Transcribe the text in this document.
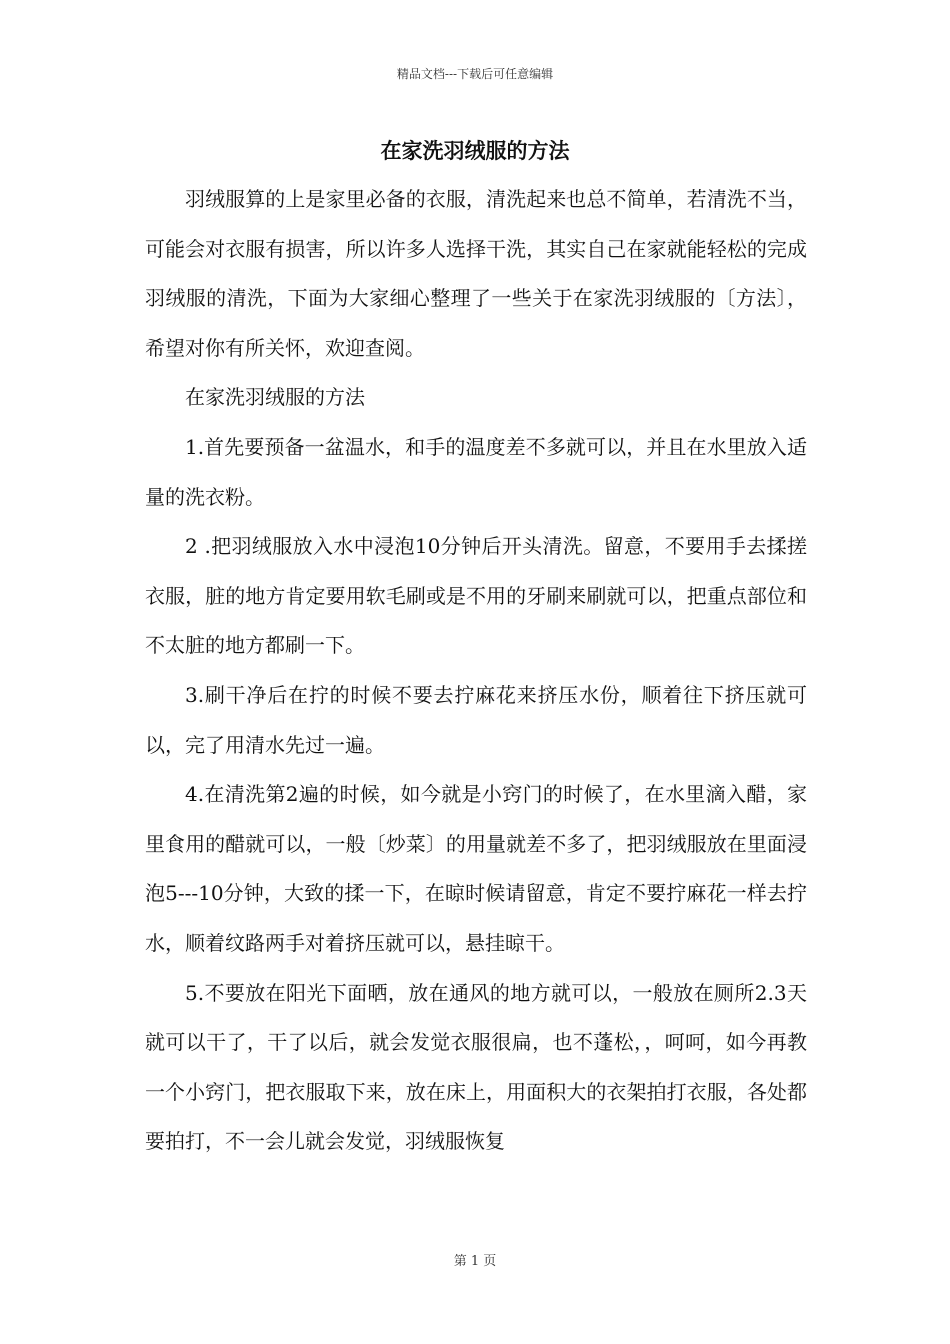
精品文档---下载后可任意编辑
在家洗羽绒服的方法

羽绒服算的上是家里必备的衣服，清洗起来也总不简单，若清洗不当，可能会对衣服有损害，所以许多人选择干洗，其实自己在家就能轻松的完成羽绒服的清洗，下面为大家细心整理了一些关于在家洗羽绒服的〔方法〕，希望对你有所关怀，欢迎查阅。

在家洗羽绒服的方法

1.首先要预备一盆温水，和手的温度差不多就可以，并且在水里放入适量的洗衣粉。

2 .把羽绒服放入水中浸泡10分钟后开头清洗。留意，不要用手去揉搓衣服，脏的地方肯定要用软毛刷或是不用的牙刷来刷就可以，把重点部位和不太脏的地方都刷一下。

3.刷干净后在拧的时候不要去拧麻花来挤压水份，顺着往下挤压就可以，完了用清水先过一遍。

4.在清洗第2遍的时候，如今就是小窍门的时候了，在水里滴入醋，家里食用的醋就可以，一般〔炒菜〕的用量就差不多了，把羽绒服放在里面浸泡5---10分钟，大致的揉一下，在晾时候请留意，肯定不要拧麻花一样去拧水，顺着纹路两手对着挤压就可以，悬挂晾干。

5.不要放在阳光下面晒，放在通风的地方就可以，一般放在厕所2.3天就可以干了，干了以后，就会发觉衣服很扁，也不蓬松，，呵呵，如今再教一个小窍门，把衣服取下来，放在床上，用面积大的衣架拍打衣服，各处都要拍打，不一会儿就会发觉，羽绒服恢复

第 1 页
